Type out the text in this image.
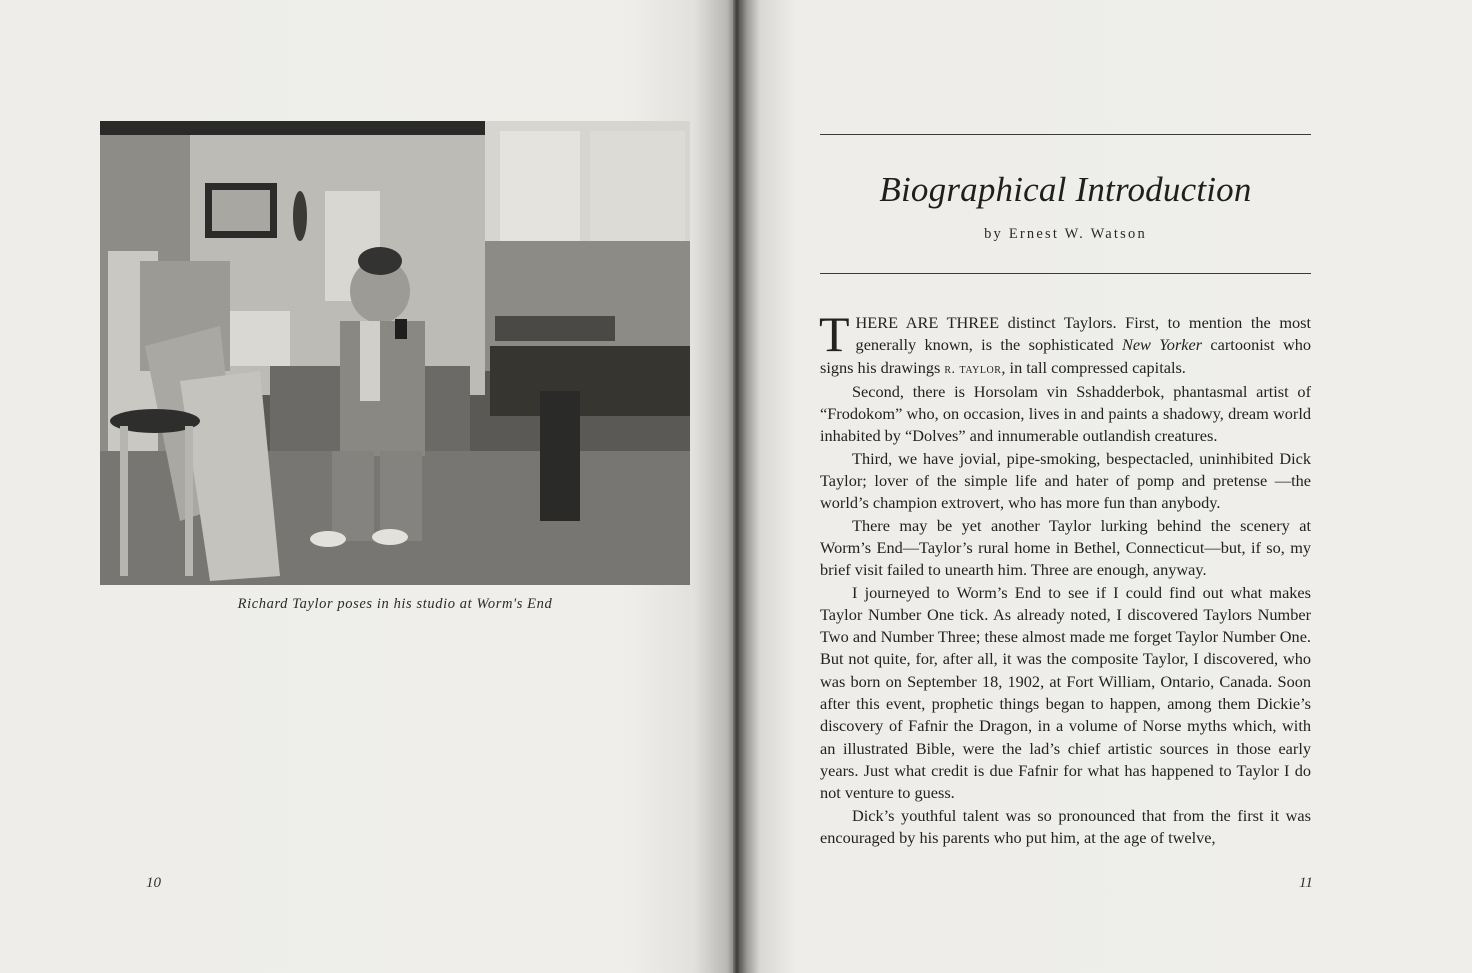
Richard Taylor poses in his studio at Worm's End
10
Biographical Introduction
by Ernest W. Watson

THERE ARE THREE distinct Taylors. First, to mention the most generally known, is the sophisticated New Yorker cartoonist who signs his drawings r. taylor, in tall compressed capitals.

Second, there is Horsolam vin Sshadderbok, phantasmal artist of “Frodokom” who, on occasion, lives in and paints a shadowy, dream world inhabited by “Dolves” and innumerable outlandish creatures.

Third, we have jovial, pipe-smoking, bespectacled, uninhibited Dick Taylor; lover of the simple life and hater of pomp and pretense —the world’s champion extrovert, who has more fun than anybody.

There may be yet another Taylor lurking behind the scenery at Worm’s End—Taylor’s rural home in Bethel, Connecticut—but, if so, my brief visit failed to unearth him. Three are enough, anyway.

I journeyed to Worm’s End to see if I could find out what makes Taylor Number One tick. As already noted, I discovered Taylors Number Two and Number Three; these almost made me forget Taylor Number One. But not quite, for, after all, it was the composite Taylor, I discovered, who was born on September 18, 1902, at Fort William, Ontario, Canada. Soon after this event, prophetic things began to happen, among them Dickie’s discovery of Fafnir the Dragon, in a volume of Norse myths which, with an illustrated Bible, were the lad’s chief artistic sources in those early years. Just what credit is due Fafnir for what has happened to Taylor I do not venture to guess.

Dick’s youthful talent was so pronounced that from the first it was encouraged by his parents who put him, at the age of twelve,

11
